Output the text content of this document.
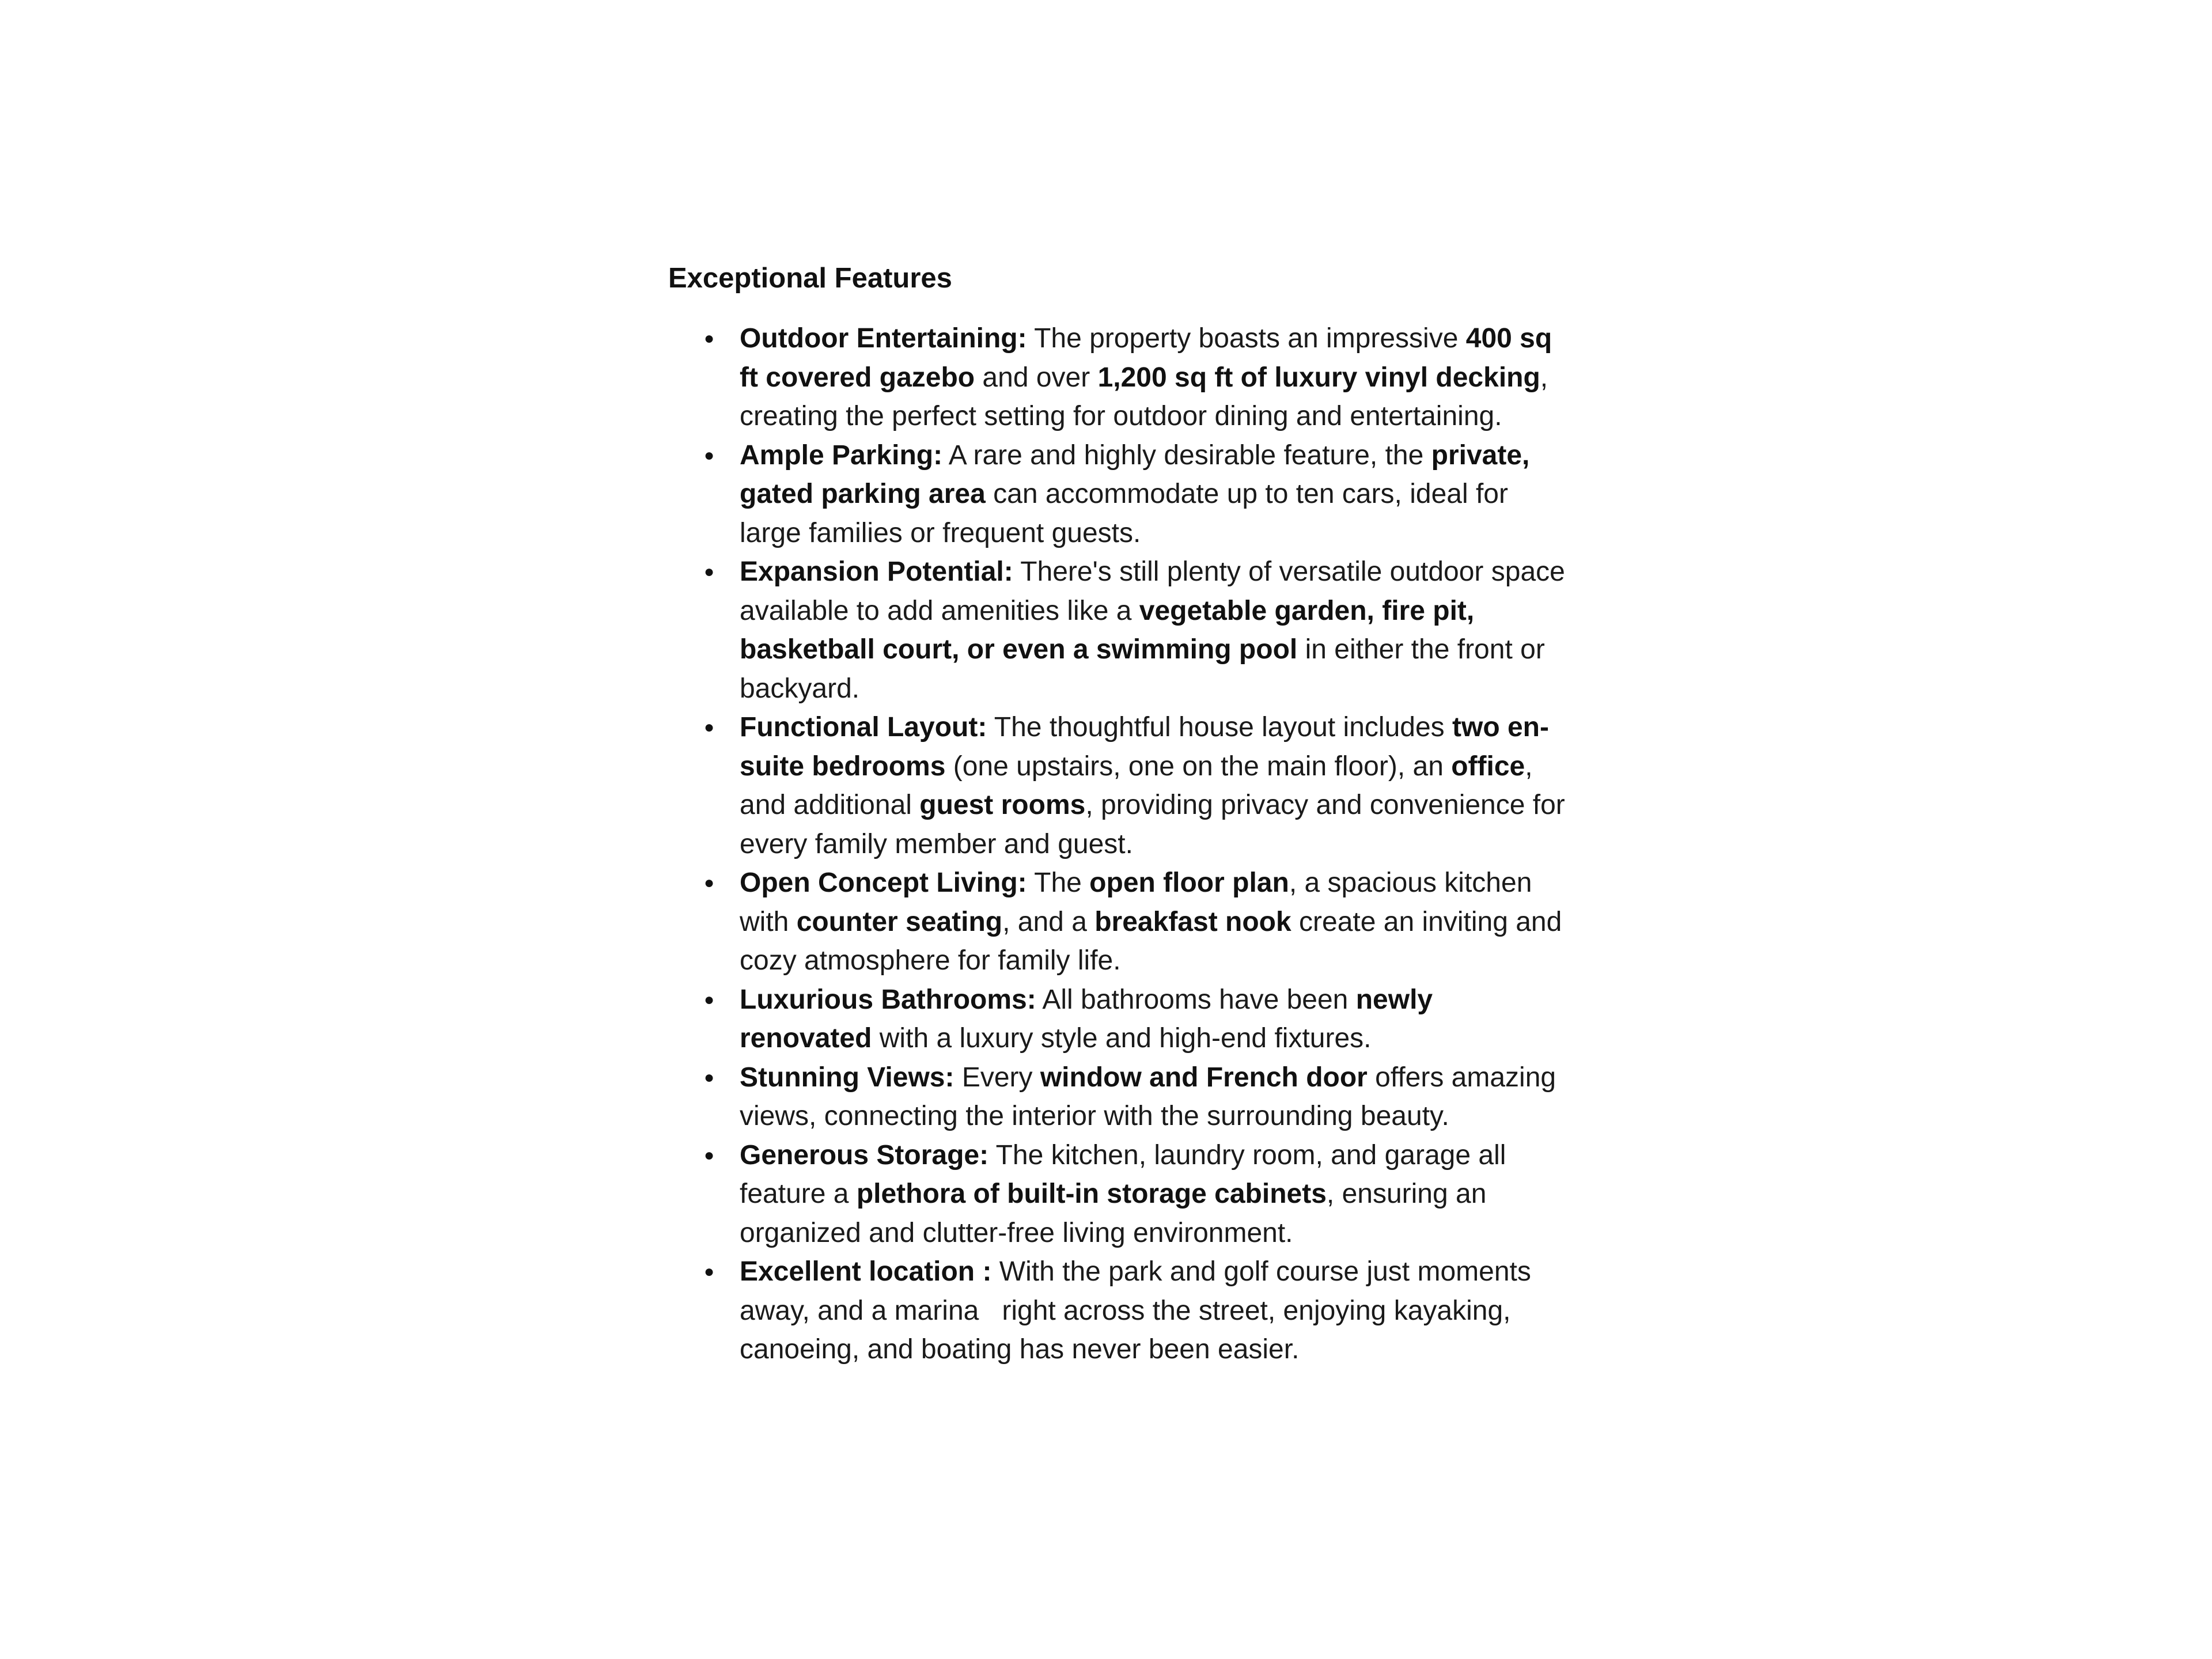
Exceptional Features
●
Outdoor Entertaining: The property boasts an impressive 400 sq ft covered gazebo and over 1,200 sq ft of luxury vinyl decking, creating the perfect setting for outdoor dining and entertaining.
●
Ample Parking: A rare and highly desirable feature, the private, gated parking area can accommodate up to ten cars, ideal for large families or frequent guests.
●
Expansion Potential: There's still plenty of versatile outdoor space available to add amenities like a vegetable garden, fire pit, basketball court, or even a swimming pool in either the front or backyard.
●
Functional Layout: The thoughtful house layout includes two en-suite bedrooms (one upstairs, one on the main floor), an office, and additional guest rooms, providing privacy and convenience for every family member and guest.
●
Open Concept Living: The open floor plan, a spacious kitchen with counter seating, and a breakfast nook create an inviting and cozy atmosphere for family life.
●
Luxurious Bathrooms: All bathrooms have been newly renovated with a luxury style and high-end fixtures.
●
Stunning Views: Every window and French door offers amazing views, connecting the interior with the surrounding beauty.
●
Generous Storage: The kitchen, laundry room, and garage all feature a plethora of built-in storage cabinets, ensuring an organized and clutter-free living environment.
●
Excellent location : With the park and golf course just moments away, and a marina   right across the street, enjoying kayaking, canoeing, and boating has never been easier.
